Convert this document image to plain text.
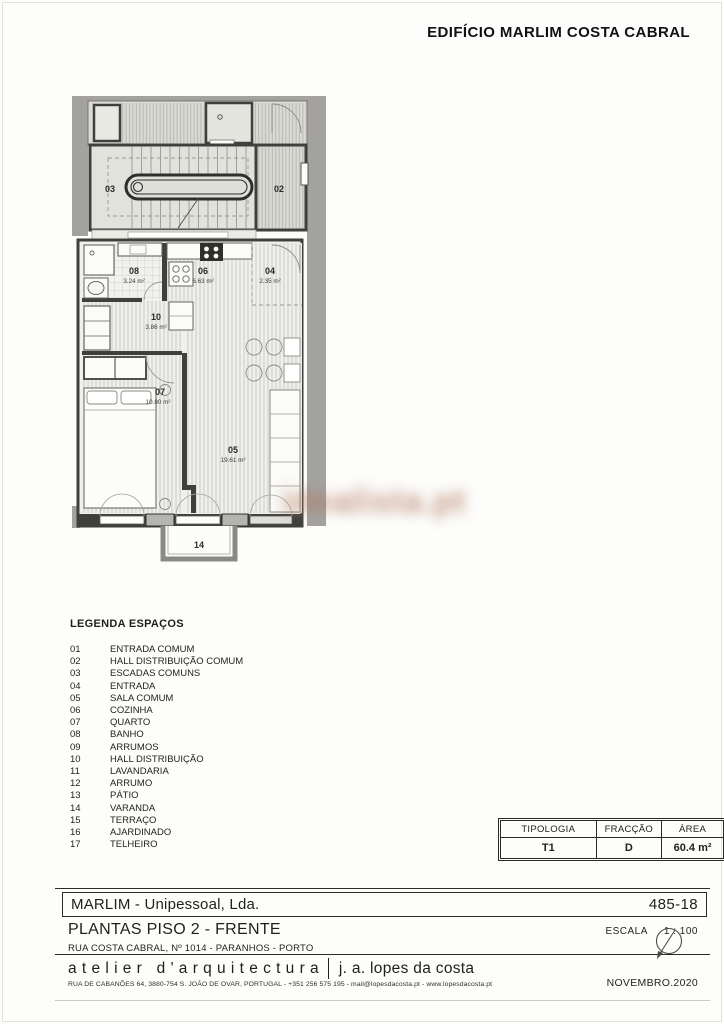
EDIFÍCIO MARLIM COSTA CABRAL
03	02
08
3.24 m²
06
6.63 m²
04
2.35 m²
10
3.86 m²
07
10.80 m²
05
19.61 m²
14
idealista.pt
LEGENDA ESPAÇOS
01	ENTRADA COMUM
02	HALL DISTRIBUIÇÃO COMUM
03	ESCADAS COMUNS
04	ENTRADA
05	SALA COMUM
06	COZINHA
07	QUARTO
08	BANHO
09	ARRUMOS
10	HALL DISTRIBUIÇÃO
11	LAVANDARIA
12	ARRUMO
13	PÁTIO
14	VARANDA
15	TERRAÇO
16	AJARDINADO
17	TELHEIRO
TIPOLOGIA	FRACÇÃO	ÁREA
T1	D	60.4 m²
MARLIM - Unipessoal, Lda.	485-18
PLANTAS PISO 2 - FRENTE	ESCALA 1 : 100
RUA COSTA CABRAL, Nº 1014 - PARANHOS - PORTO
atelier d'arquitectura j. a. lopes da costa
RUA DE CABANÕES 64, 3880-754 S. JOÃO DE OVAR, PORTUGAL - +351 256 575 195 - mail@lopesdacosta.pt - www.lopesdacosta.pt	NOVEMBRO.2020
